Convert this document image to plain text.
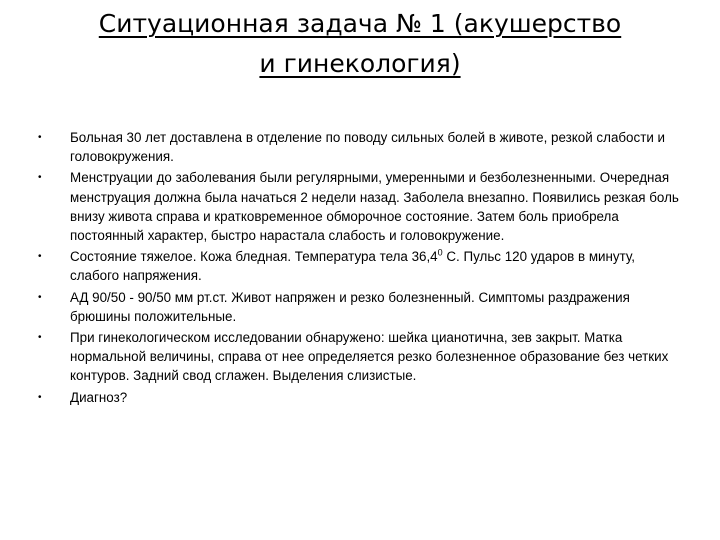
Ситуационная задача № 1 (акушерство
и гинекология)
•	Больная 30 лет доставлена в отделение по поводу сильных болей в животе, резкой слабости и головокружения.
•	Менструации до заболевания были регулярными, умеренными и безболезненными. Очередная менструация должна была начаться 2 недели назад. Заболела внезапно. Появились резкая боль внизу живота справа и кратковременное обморочное состояние. Затем боль приобрела постоянный характер, быстро нарастала слабость и головокружение.
•	Состояние тяжелое. Кожа бледная. Температура тела 36,4$^0$ С. Пульс 120 ударов в минуту, слабого напряжения.
•	АД 90/50 - 90/50 мм рт.ст. Живот напряжен и резко болезненный. Симптомы раздражения брюшины положительные.
•	При гинекологическом исследовании обнаружено: шейка цианотична, зев закрыт. Матка нормальной величины, справа от нее определяется резко болезненное образование без четких контуров. Задний свод сглажен. Выделения слизистые.
•	Диагноз?
